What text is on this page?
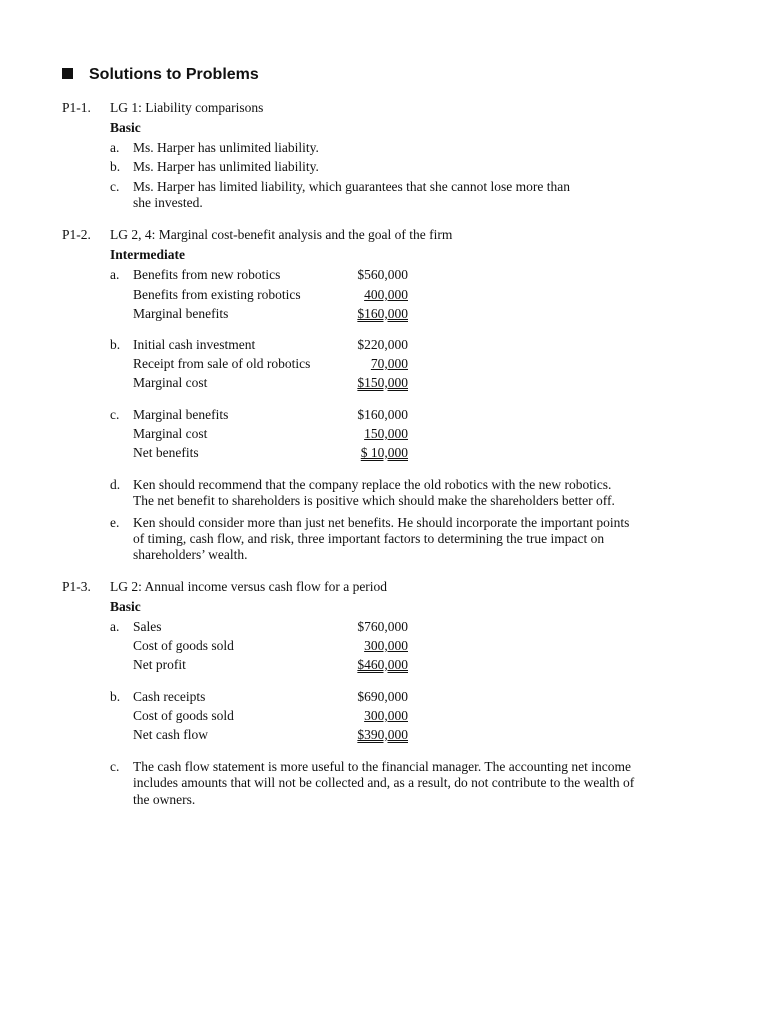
Solutions to Problems
P1-1. LG 1: Liability comparisons
Basic
a. Ms. Harper has unlimited liability.
b. Ms. Harper has unlimited liability.
c. Ms. Harper has limited liability, which guarantees that she cannot lose more than
she invested.
P1-2. LG 2, 4: Marginal cost-benefit analysis and the goal of the firm
Intermediate
a. Benefits from new robotics	$560,000
Benefits from existing robotics	400,000
Marginal benefits	$160,000
b. Initial cash investment	$220,000
Receipt from sale of old robotics	70,000
Marginal cost	$150,000
c. Marginal benefits	$160,000
Marginal cost	150,000
Net benefits	$ 10,000
d. Ken should recommend that the company replace the old robotics with the new robotics.
The net benefit to shareholders is positive which should make the shareholders better off.
e. Ken should consider more than just net benefits. He should incorporate the important points
of timing, cash flow, and risk, three important factors to determining the true impact on
shareholders’ wealth.
P1-3. LG 2: Annual income versus cash flow for a period
Basic
a. Sales	$760,000
Cost of goods sold	300,000
Net profit	$460,000
b. Cash receipts	$690,000
Cost of goods sold	300,000
Net cash flow	$390,000
c. The cash flow statement is more useful to the financial manager. The accounting net income
includes amounts that will not be collected and, as a result, do not contribute to the wealth of
the owners.
